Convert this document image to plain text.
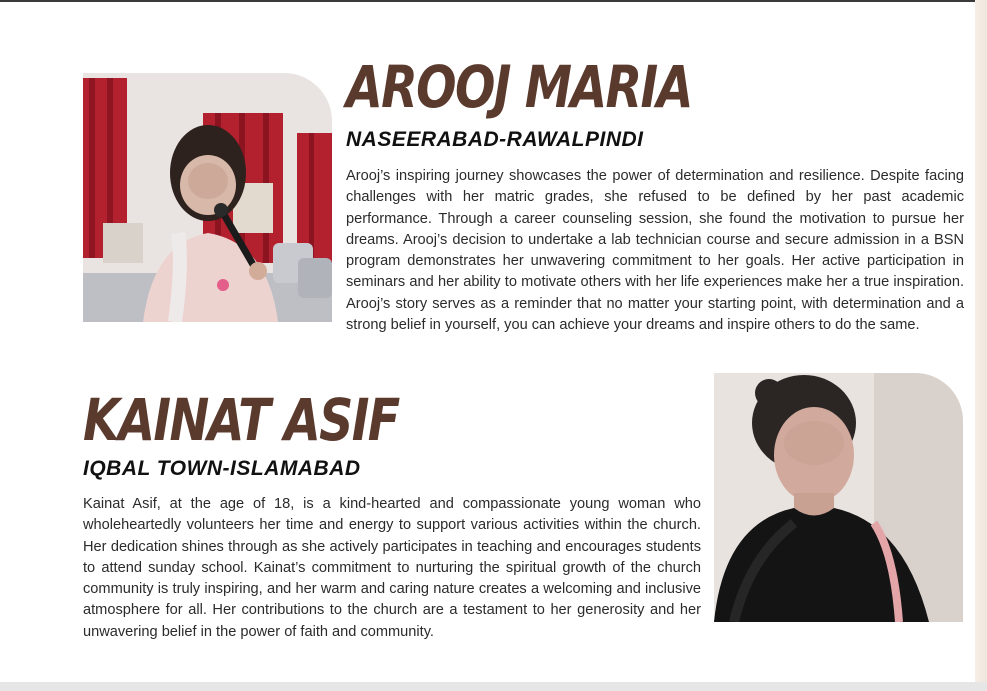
AROOJ MARIA
NASEERABAD-RAWALPINDI

Arooj’s inspiring journey showcases the power of determination and resilience. Despite facing challenges with her matric grades, she refused to be defined by her past academic performance. Through a career counseling session, she found the motivation to pursue her dreams. Arooj’s decision to undertake a lab technician course and secure admission in a BSN program demonstrates her unwavering commitment to her goals. Her active participation in seminars and her ability to motivate others with her life experiences make her a true inspiration. Arooj’s story serves as a reminder that no matter your starting point, with determination and a strong belief in yourself, you can achieve your dreams and inspire others to do the same.

KAINAT ASIF
IQBAL TOWN-ISLAMABAD

Kainat Asif, at the age of 18, is a kind-hearted and compassionate young woman who wholeheartedly volunteers her time and energy to support various activities within the church. Her dedication shines through as she actively participates in teaching and encourages students to attend sunday school. Kainat’s commitment to nurturing the spiritual growth of the church community is truly inspiring, and her warm and caring nature creates a welcoming and inclusive atmosphere for all. Her contributions to the church are a testament to her generosity and her unwavering belief in the power of faith and community.
